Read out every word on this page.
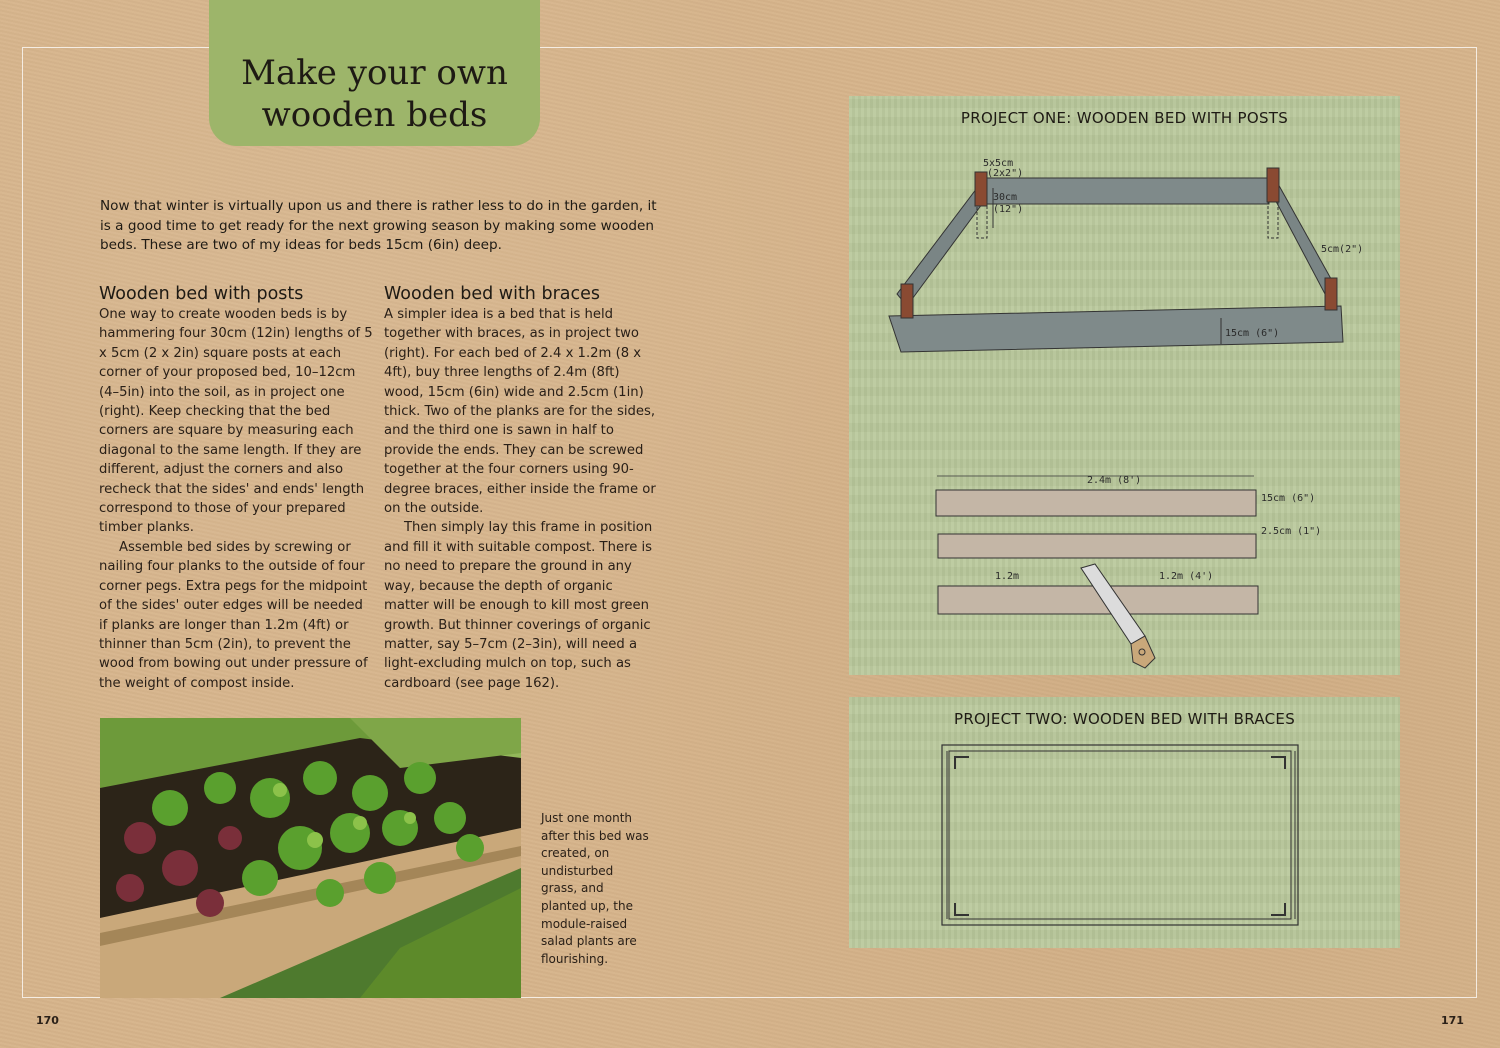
Make your own
wooden beds
Now that winter is virtually upon us and there is rather less to do in the garden, it is a good time to get ready for the next growing season by making some wooden beds. These are two of my ideas for beds 15cm (6in) deep.
Wooden bed with posts

One way to create wooden beds is by hammering four 30cm (12in) lengths of 5 x 5cm (2 x 2in) square posts at each corner of your proposed bed, 10–12cm (4–5in) into the soil, as in project one (right). Keep checking that the bed corners are square by measuring each diagonal to the same length. If they are different, adjust the corners and also recheck that the sides' and ends' length correspond to those of your prepared timber planks.

Assemble bed sides by screwing or nailing four planks to the outside of four corner pegs. Extra pegs for the midpoint of the sides' outer edges will be needed if planks are longer than 1.2m (4ft) or thinner than 5cm (2in), to prevent the wood from bowing out under pressure of the weight of compost inside.

Wooden bed with braces

A simpler idea is a bed that is held together with braces, as in project two (right). For each bed of 2.4 x 1.2m (8 x 4ft), buy three lengths of 2.4m (8ft) wood, 15cm (6in) wide and 2.5cm (1in) thick. Two of the planks are for the sides, and the third one is sawn in half to provide the ends. They can be screwed together at the four corners using 90-degree braces, either inside the frame or on the outside.

Then simply lay this frame in position and fill it with suitable compost. There is no need to prepare the ground in any way, because the depth of organic matter will be enough to kill most green growth. But thinner coverings of organic matter, say 5–7cm (2–3in), will need a light-excluding mulch on top, such as cardboard (see page 162).

Just one month after this bed was created, on undisturbed grass, and planted up, the module-raised salad plants are flourishing.
PROJECT ONE: WOODEN BED WITH POSTS
5x5cm
(2x2")
30cm
(12")
5cm(2")
15cm (6")
2.4m (8')
15cm (6")
2.5cm (1")
1.2m	1.2m (4')
PROJECT TWO: WOODEN BED WITH BRACES
170	171
